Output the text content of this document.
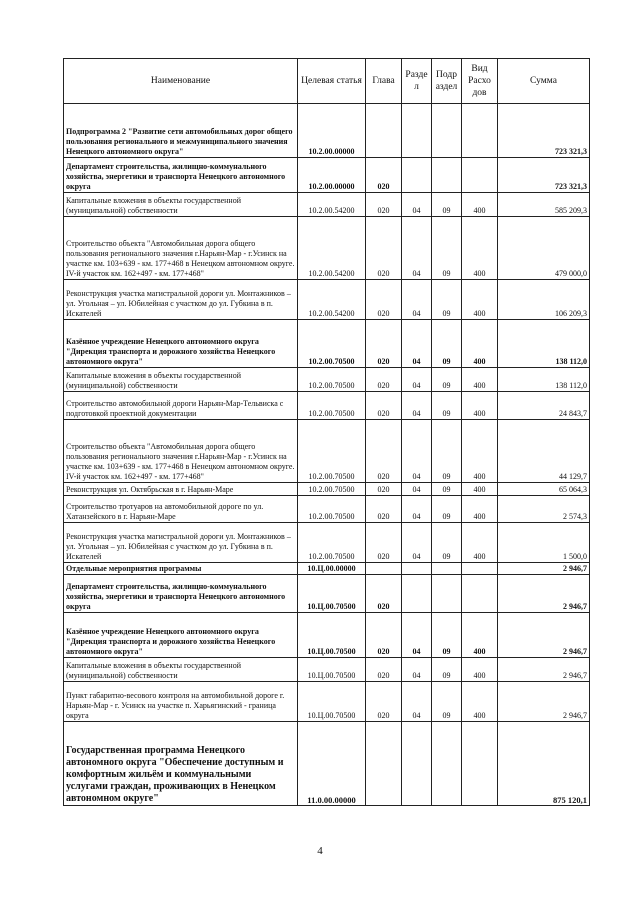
Наименование	Целевая статья	Глава	Разде л	Подр аздел	Вид Расхо дов	Сумма
Подпрограмма 2 "Развитие сети автомобильных дорог общего пользования регионального и межмуниципального значения Ненецкого автономного округа"	10.2.00.00000					723 321,3
Департамент строительства, жилищно-коммунального хозяйства, энергетики и транспорта Ненецкого автономного округа	10.2.00.00000	020				723 321,3
Капитальные вложения в объекты государственной (муниципальной) собственности	10.2.00.54200	020	04	09	400	585 209,3
Строительство объекта "Автомобильная дорога общего пользования регионального значения г.Нарьян-Мар - г.Усинск на участке км. 103+639 - км. 177+468 в Ненецком автономном округе. IV-й участок км. 162+497 - км. 177+468"	10.2.00.54200	020	04	09	400	479 000,0
Реконструкция участка магистральной дороги ул. Монтажников – ул. Угольная – ул. Юбилейная с участком до ул. Губкина в п. Искателей	10.2.00.54200	020	04	09	400	106 209,3
Казённое учреждение Ненецкого автономного округа "Дирекция транспорта и дорожного хозяйства Ненецкого автономного округа"	10.2.00.70500	020	04	09	400	138 112,0
Капитальные вложения в объекты государственной (муниципальной) собственности	10.2.00.70500	020	04	09	400	138 112,0
Строительство автомобильной дороги Нарьян-Мар-Тельвиска с подготовкой проектной документации	10.2.00.70500	020	04	09	400	24 843,7
Строительство объекта "Автомобильная дорога общего пользования регионального значения г.Нарьян-Мар - г.Усинск на участке км. 103+639 - км. 177+468 в Ненецком автономном округе. IV-й участок км. 162+497 - км. 177+468"	10.2.00.70500	020	04	09	400	44 129,7
Реконструкция ул. Октябрьская в г. Нарьян-Маре	10.2.00.70500	020	04	09	400	65 064,3
Строительство тротуаров на автомобильной дороге по ул. Хатанзейского в г. Нарьян-Маре	10.2.00.70500	020	04	09	400	2 574,3
Реконструкция участка магистральной дороги ул. Монтажников – ул. Угольная – ул. Юбилейная с участком до ул. Губкина в п. Искателей	10.2.00.70500	020	04	09	400	1 500,0
Отдельные мероприятия программы	10.Ц.00.00000					2 946,7
Департамент строительства, жилищно-коммунального хозяйства, энергетики и транспорта Ненецкого автономного округа	10.Ц.00.70500	020				2 946,7
Казённое учреждение Ненецкого автономного округа "Дирекция транспорта и дорожного хозяйства Ненецкого автономного округа"	10.Ц.00.70500	020	04	09	400	2 946,7
Капитальные вложения в объекты государственной (муниципальной) собственности	10.Ц.00.70500	020	04	09	400	2 946,7
Пункт габаритно-весового контроля на автомобильной дороге г. Нарьян-Мар - г. Усинск на участке п. Харьягинский - граница округа	10.Ц.00.70500	020	04	09	400	2 946,7
Государственная программа Ненецкого автономного округа "Обеспечение доступным и комфортным жильём и коммунальными услугами граждан, проживающих в Ненецком автономном округе"	11.0.00.00000					875 120,1
4
